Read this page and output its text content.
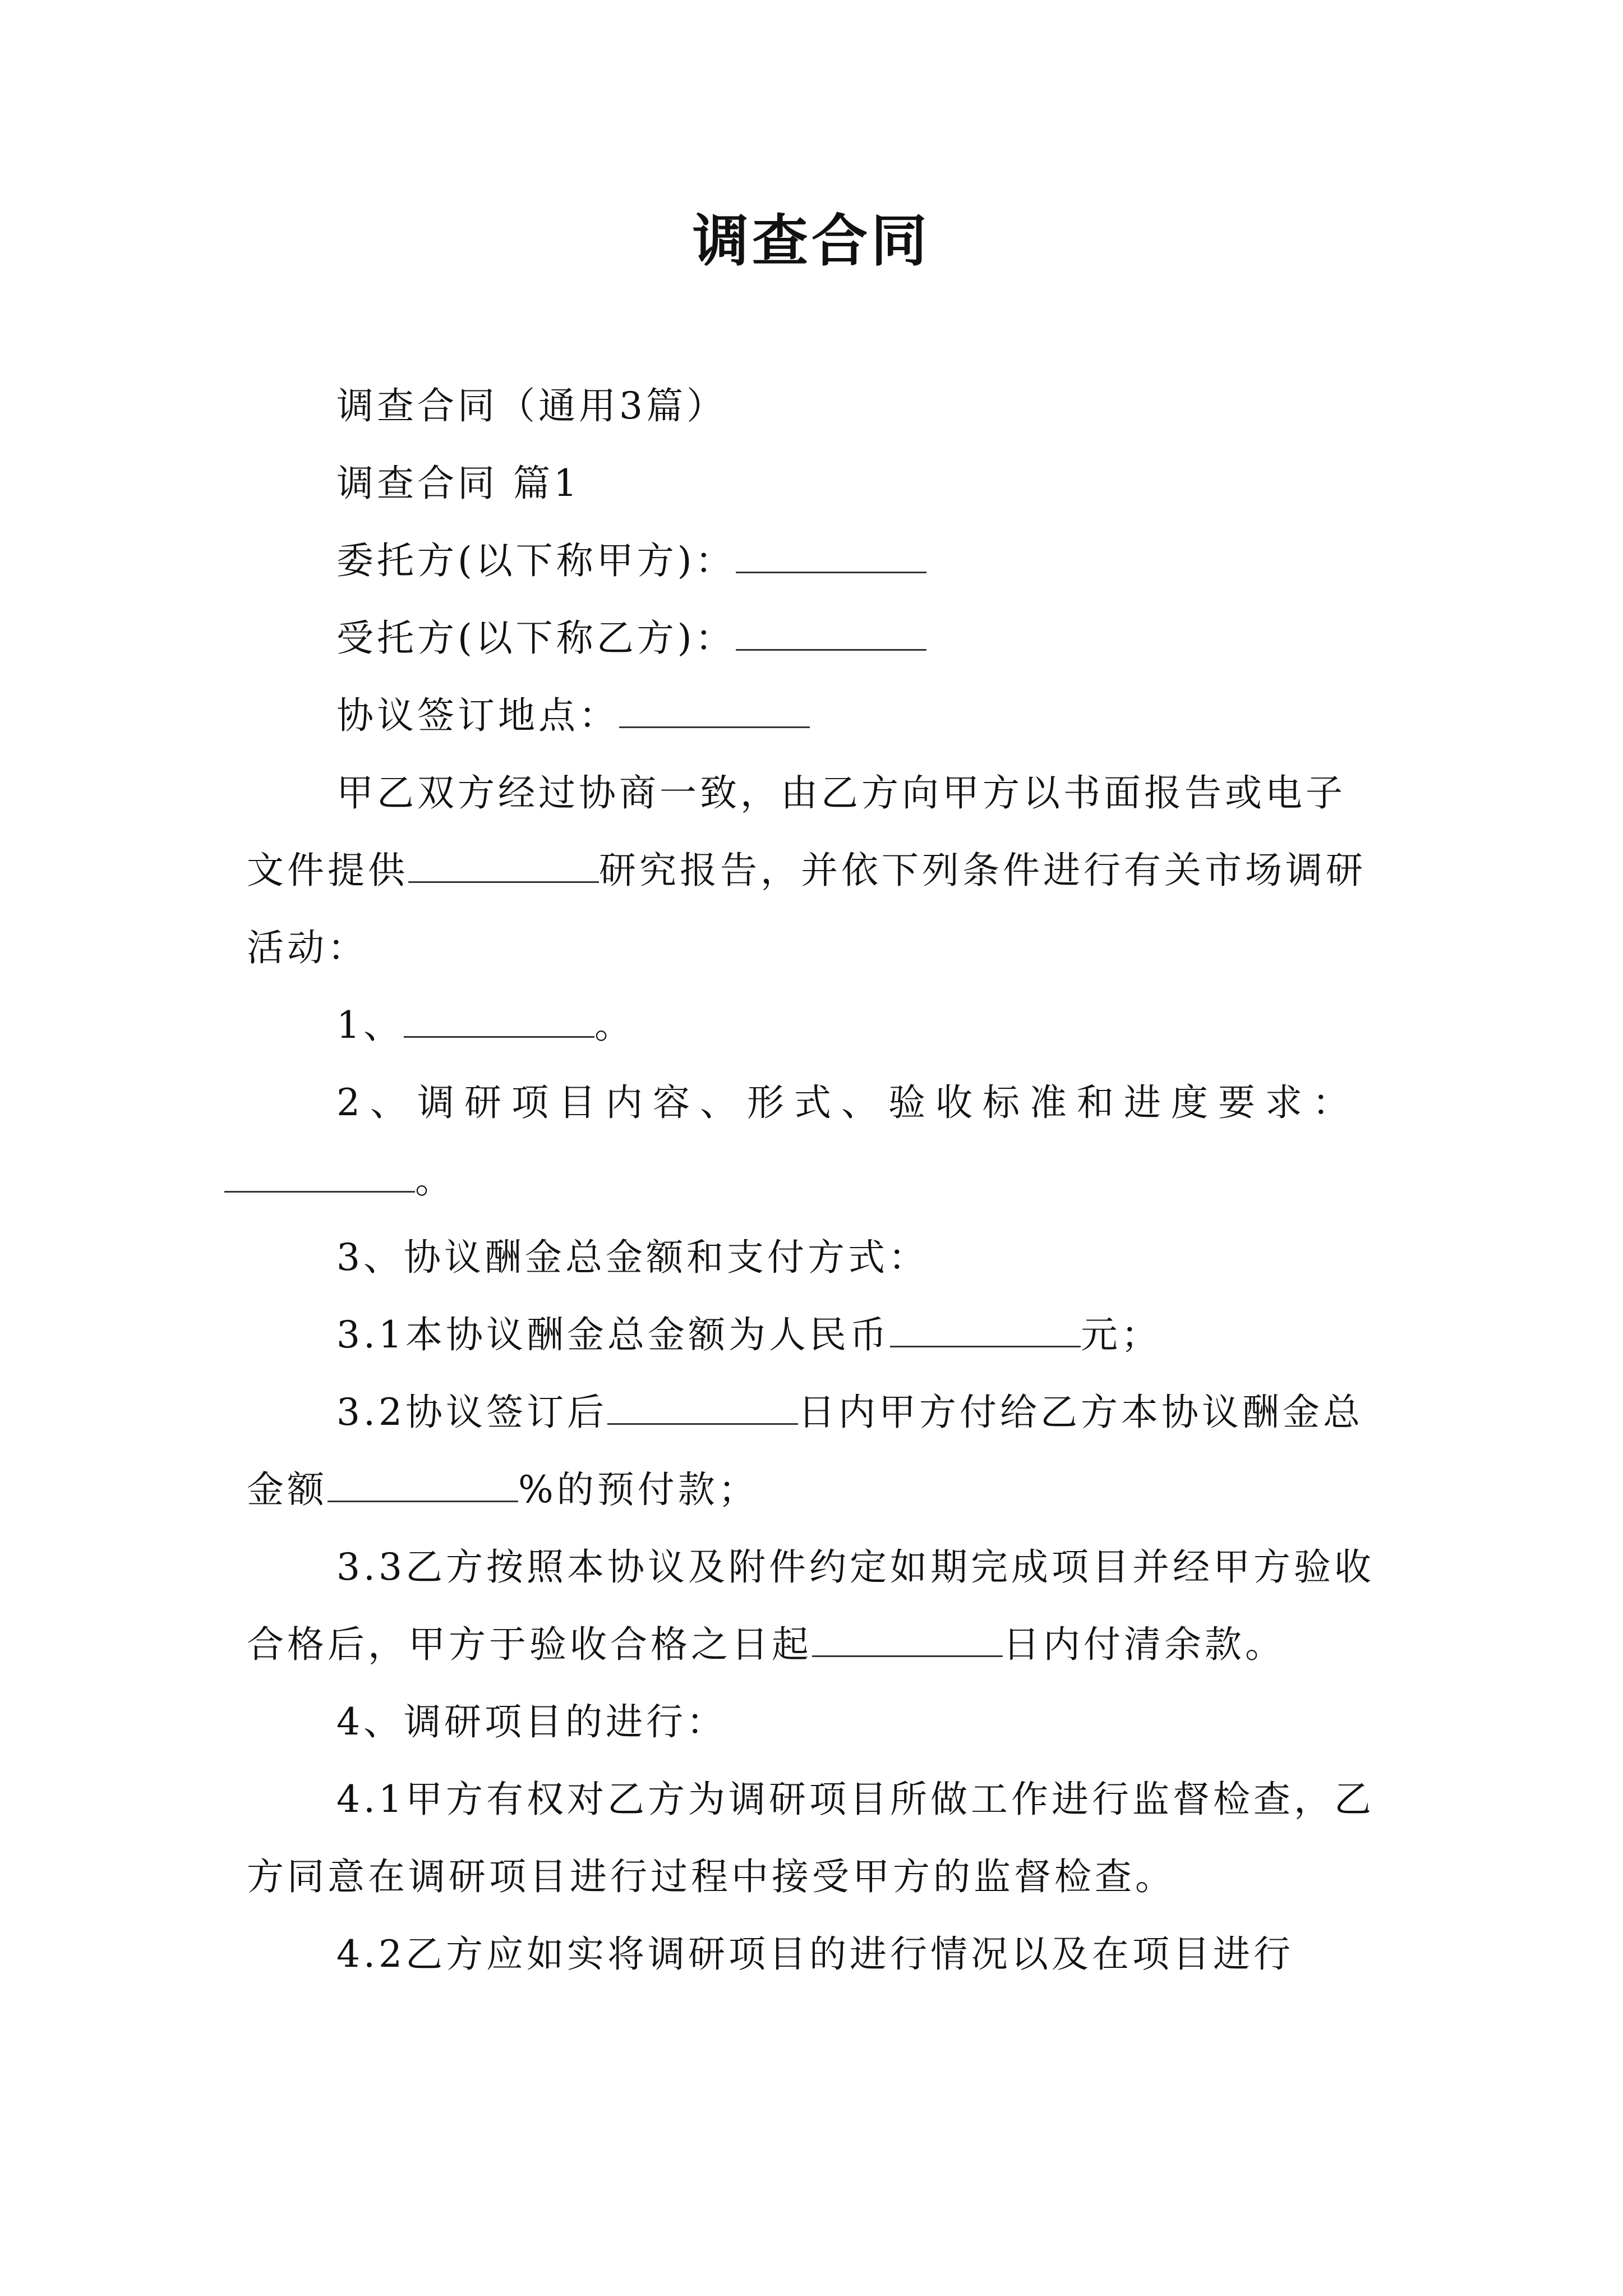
调查合同

调查合同（通用3篇）

调查合同 篇1

委托方(以下称甲方)：

受托方(以下称乙方)：

协议签订地点：

甲乙双方经过协商一致，由乙方向甲方以书面报告或电子文件提供	研究报告，并依下列条件进行有关市场调研活动：

1、	。

2、调研项目内容、形式、验收标准和进度要求：。

3、协议酬金总金额和支付方式：

3.1本协议酬金总金额为人民币	元；

3.2协议签订后	日内甲方付给乙方本协议酬金总金额	%的预付款；

3.3乙方按照本协议及附件约定如期完成项目并经甲方验收合格后，甲方于验收合格之日起	日内付清余款。

4、调研项目的进行：

4.1甲方有权对乙方为调研项目所做工作进行监督检查，乙方同意在调研项目进行过程中接受甲方的监督检查。

4.2乙方应如实将调研项目的进行情况以及在项目进行
